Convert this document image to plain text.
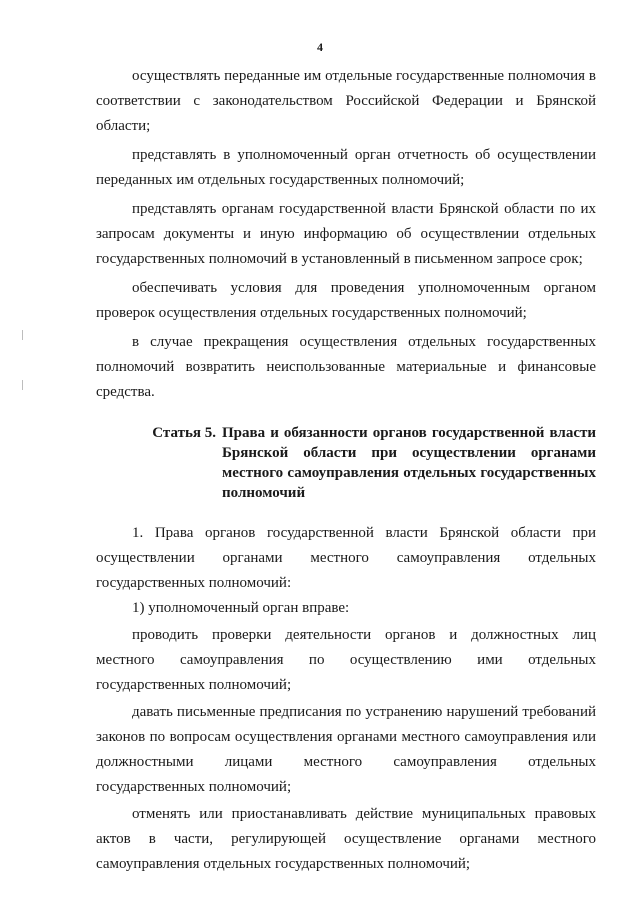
4

осуществлять переданные им отдельные государственные полномочия в соответствии с законодательством Российской Федерации и Брянской области;

представлять в уполномоченный орган отчетность об осуществлении переданных им отдельных государственных полномочий;

представлять органам государственной власти Брянской области по их запросам документы и иную информацию об осуществлении отдельных государственных полномочий в установленный в письменном запросе срок;

обеспечивать условия для проведения уполномоченным органом проверок осуществления отдельных государственных полномочий;

в случае прекращения осуществления отдельных государственных полномочий возвратить неиспользованные материальные и финансовые средства.

Статья 5. Права и обязанности органов государственной власти Брянской области при осуществлении органами местного самоуправления отдельных государственных полномочий

1. Права органов государственной власти Брянской области при осуществлении органами местного самоуправления отдельных государственных полномочий:

1) уполномоченный орган вправе:

проводить проверки деятельности органов и должностных лиц местного самоуправления по осуществлению ими отдельных государственных полномочий;

давать письменные предписания по устранению нарушений требований законов по вопросам осуществления органами местного самоуправления или должностными лицами местного самоуправления отдельных государственных полномочий;

отменять или приостанавливать действие муниципальных правовых актов в части, регулирующей осуществление органами местного самоуправления отдельных государственных полномочий;
